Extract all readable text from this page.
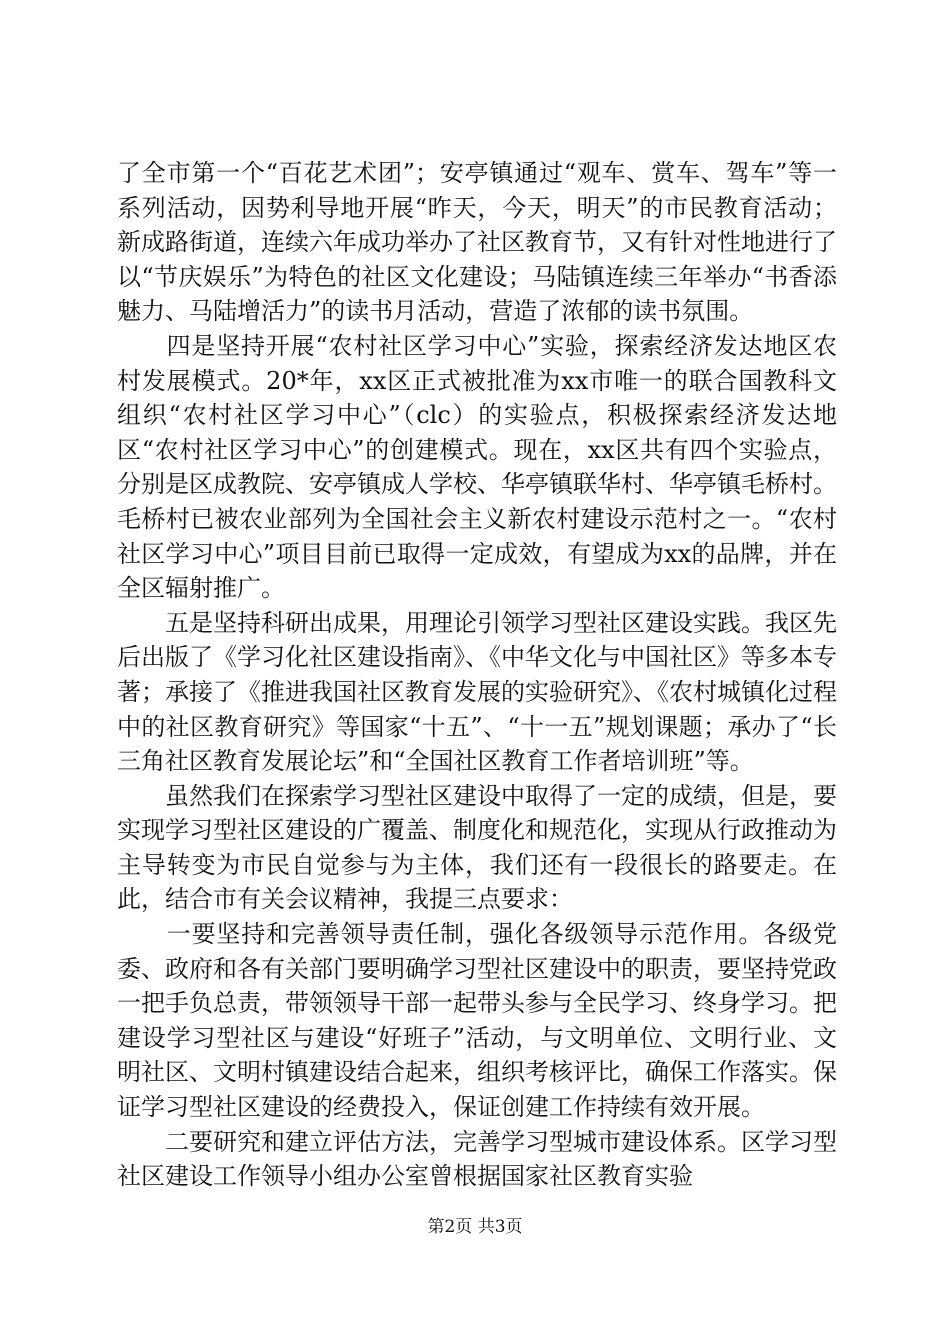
了全市第一个“百花艺术团”；安亭镇通过“观车、赏车、驾车”等一系列活动，因势利导地开展“昨天，今天，明天”的市民教育活动；新成路街道，连续六年成功举办了社区教育节，又有针对性地进行了以“节庆娱乐”为特色的社区文化建设；马陆镇连续三年举办“书香添魅力、马陆增活力”的读书月活动，营造了浓郁的读书氛围。

　　四是坚持开展“农村社区学习中心”实验，探索经济发达地区农村发展模式。20*年，xx区正式被批准为xx市唯一的联合国教科文组织“农村社区学习中心”（clc）的实验点，积极探索经济发达地区“农村社区学习中心”的创建模式。现在，xx区共有四个实验点，分别是区成教院、安亭镇成人学校、华亭镇联华村、华亭镇毛桥村。毛桥村已被农业部列为全国社会主义新农村建设示范村之一。“农村社区学习中心”项目目前已取得一定成效，有望成为xx的品牌，并在全区辐射推广。

　　五是坚持科研出成果，用理论引领学习型社区建设实践。我区先后出版了《学习化社区建设指南》、《中华文化与中国社区》等多本专著；承接了《推进我国社区教育发展的实验研究》、《农村城镇化过程中的社区教育研究》等国家“十五”、“十一五”规划课题；承办了“长三角社区教育发展论坛”和“全国社区教育工作者培训班”等。

　　虽然我们在探索学习型社区建设中取得了一定的成绩，但是，要实现学习型社区建设的广覆盖、制度化和规范化，实现从行政推动为主导转变为市民自觉参与为主体，我们还有一段很长的路要走。在此，结合市有关会议精神，我提三点要求：

　　一要坚持和完善领导责任制，强化各级领导示范作用。各级党委、政府和各有关部门要明确学习型社区建设中的职责，要坚持党政一把手负总责，带领领导干部一起带头参与全民学习、终身学习。把建设学习型社区与建设“好班子”活动，与文明单位、文明行业、文明社区、文明村镇建设结合起来，组织考核评比，确保工作落实。保证学习型社区建设的经费投入，保证创建工作持续有效开展。

　　二要研究和建立评估方法，完善学习型城市建设体系。区学习型社区建设工作领导小组办公室曾根据国家社区教育实验

第2页 共3页
